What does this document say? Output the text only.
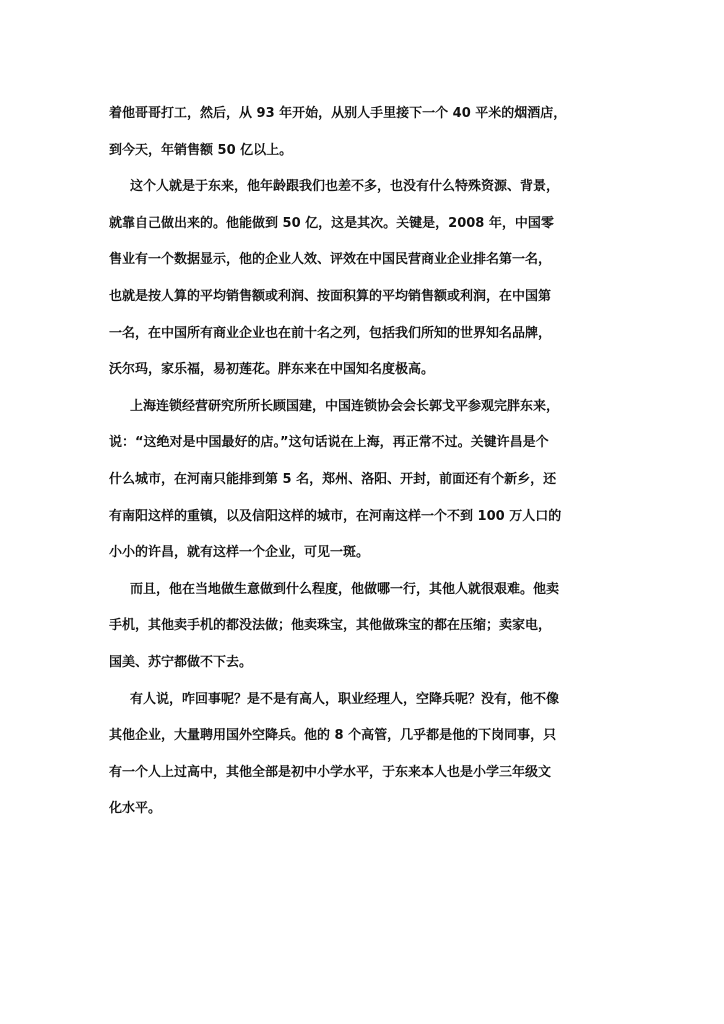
着他哥哥打工，然后，从 93 年开始，从别人手里接下一个 40 平米的烟酒店，
到今天，年销售额 50 亿以上。
这个人就是于东来，他年龄跟我们也差不多，也没有什么特殊资源、背景，
就靠自己做出来的。他能做到 50 亿，这是其次。关键是，2008 年，中国零
售业有一个数据显示，他的企业人效、评效在中国民营商业企业排名第一名，
也就是按人算的平均销售额或利润、按面积算的平均销售额或利润，在中国第
一名，在中国所有商业企业也在前十名之列，包括我们所知的世界知名品牌，
沃尔玛，家乐福，易初莲花。胖东来在中国知名度极高。
上海连锁经营研究所所长顾国建，中国连锁协会会长郭戈平参观完胖东来，
说：“这绝对是中国最好的店。”这句话说在上海，再正常不过。关键许昌是个
什么城市，在河南只能排到第 5 名，郑州、洛阳、开封，前面还有个新乡，还
有南阳这样的重镇，以及信阳这样的城市，在河南这样一个不到 100 万人口的
小小的许昌，就有这样一个企业，可见一斑。
而且，他在当地做生意做到什么程度，他做哪一行，其他人就很艰难。他卖
手机，其他卖手机的都没法做；他卖珠宝，其他做珠宝的都在压缩；卖家电，
国美、苏宁都做不下去。
有人说，咋回事呢？是不是有高人，职业经理人，空降兵呢？没有，他不像
其他企业，大量聘用国外空降兵。他的 8 个高管，几乎都是他的下岗同事，只
有一个人上过高中，其他全部是初中小学水平，于东来本人也是小学三年级文
化水平。
